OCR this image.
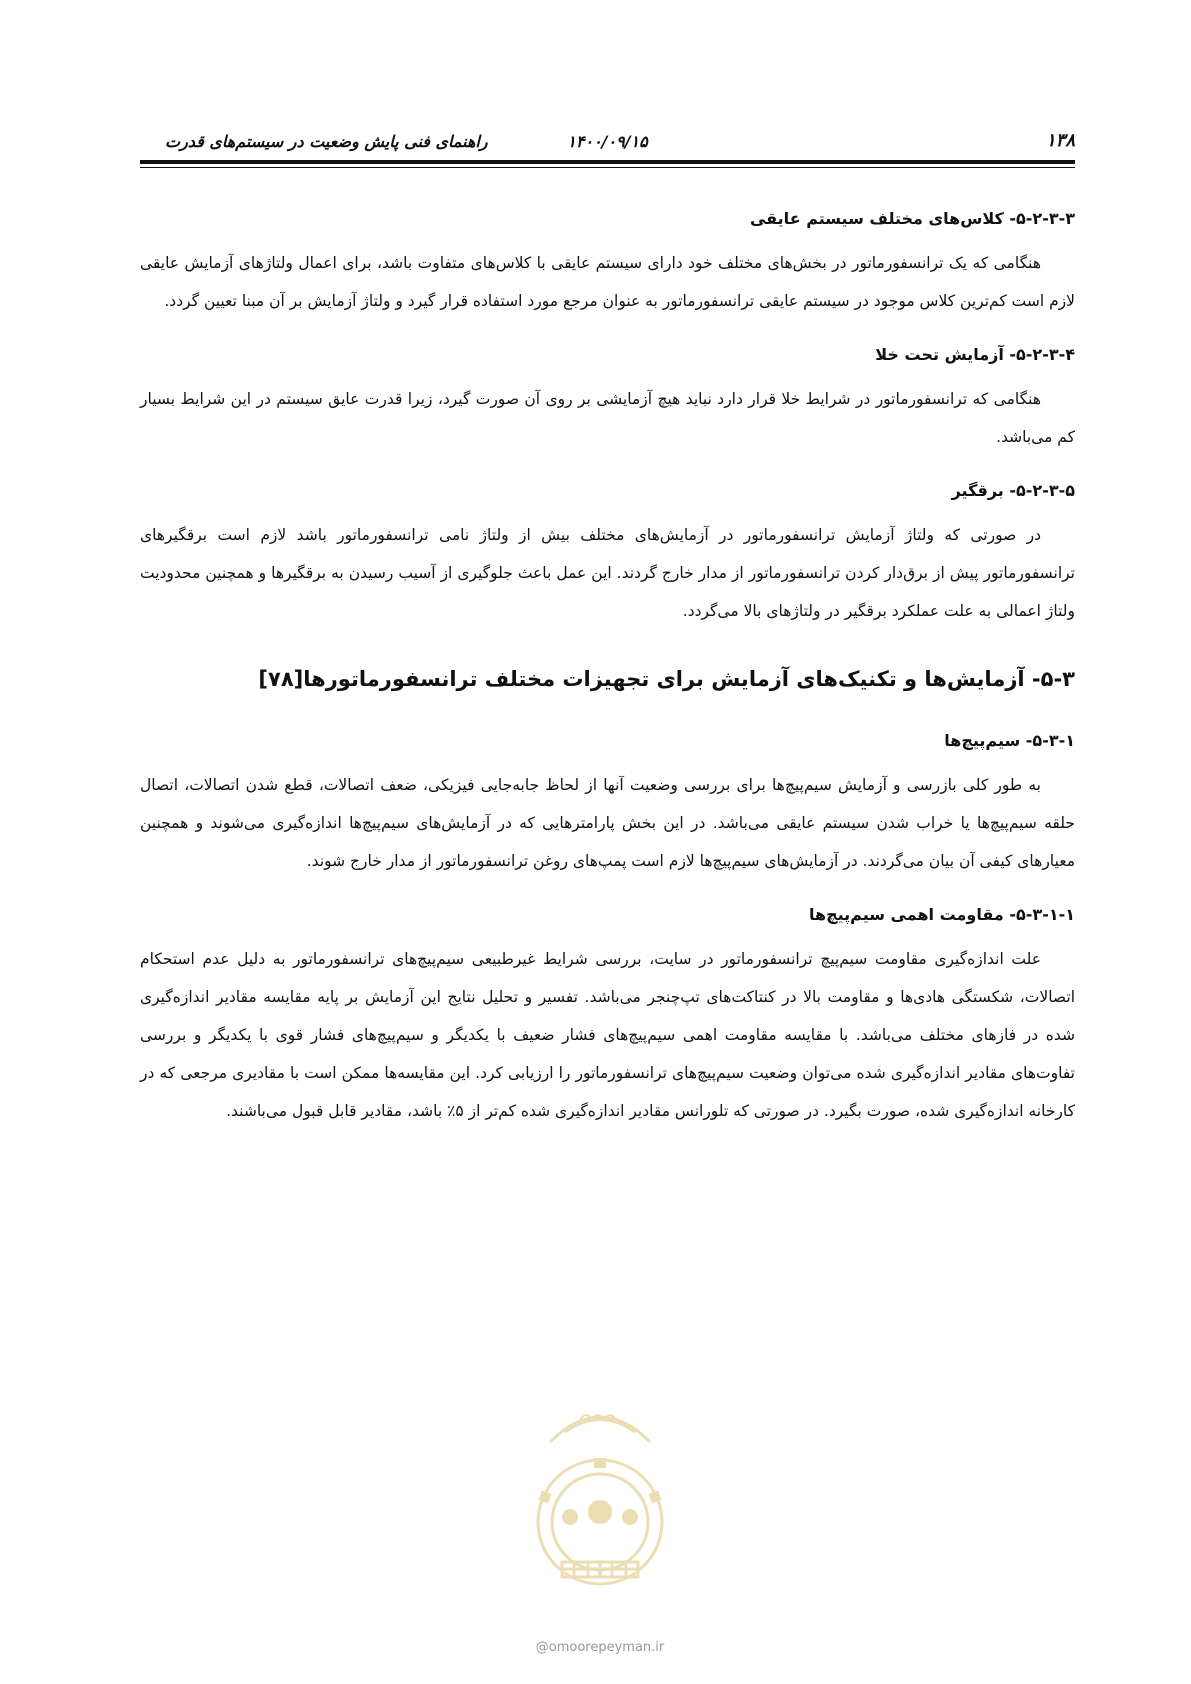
راهنمای فنی پایش وضعیت در سیستم‌های قدرت	۱۴۰۰/۰۹/۱۵	۱۳۸
۵-۲-۳-۳- کلاس‌های مختلف سیستم عایقی

هنگامی که یک ترانسفورماتور در بخش‌های مختلف خود دارای سیستم عایقی با کلاس‌های متفاوت باشد، برای اعمال ولتاژهای آزمایش عایقی لازم است کم‌ترین کلاس موجود در سیستم عایقی ترانسفورماتور به عنوان مرجع مورد استفاده قرار گیرد و ولتاژ آزمایش بر آن مبنا تعیین گردد.

۵-۲-۳-۴- آزمایش تحت خلا

هنگامی که ترانسفورماتور در شرایط خلا قرار دارد نباید هیچ آزمایشی بر روی آن صورت گیرد، زیرا قدرت عایق سیستم در این شرایط بسیار کم می‌باشد.

۵-۲-۳-۵- برقگیر

در صورتی که ولتاژ آزمایش ترانسفورماتور در آزمایش‌های مختلف بیش از ولتاژ نامی ترانسفورماتور باشد لازم است برقگیرهای ترانسفورماتور پیش از برق‌دار کردن ترانسفورماتور از مدار خارج گردند. این عمل باعث جلوگیری از آسیب رسیدن به برقگیرها و همچنین محدودیت ولتاژ اعمالی به علت عملکرد برقگیر در ولتاژهای بالا می‌گردد.

۵-۳- آزمایش‌ها و تکنیک‌های آزمایش برای تجهیزات مختلف ترانسفورماتورها[۷۸]
۵-۳-۱- سیم‌پیچ‌ها

به طور کلی بازرسی و آزمایش سیم‌پیچ‌ها برای بررسی وضعیت آنها از لحاظ جابه‌جایی فیزیکی، ضعف اتصالات، قطع شدن اتصالات، اتصال حلقه سیم‌پیچ‌ها یا خراب شدن سیستم عایقی می‌باشد. در این بخش پارامترهایی که در آزمایش‌های سیم‌پیچ‌ها اندازه‌گیری می‌شوند و همچنین معیارهای کیفی آن بیان می‌گردند. در آزمایش‌های سیم‌پیچ‌ها لازم است پمپ‌های روغن ترانسفورماتور از مدار خارج شوند.

۵-۳-۱-۱- مقاومت اهمی سیم‌پیچ‌ها

علت اندازه‌گیری مقاومت سیم‌پیچ ترانسفورماتور در سایت، بررسی شرایط غیرطبیعی سیم‌پیچ‌های ترانسفورماتور به دلیل عدم استحکام اتصالات، شکستگی هادی‌ها و مقاومت بالا در کنتاکت‌های تپ‌چنجر می‌باشد. تفسیر و تحلیل نتایج این آزمایش بر پایه مقایسه مقادیر اندازه‌گیری شده در فازهای مختلف می‌باشد. با مقایسه مقاومت اهمی سیم‌پیچ‌های فشار ضعیف با یکدیگر و سیم‌پیچ‌های فشار قوی با یکدیگر و بررسی تفاوت‌های مقادیر اندازه‌گیری شده می‌توان وضعیت سیم‌پیچ‌های ترانسفورماتور را ارزیابی کرد. این مقایسه‌ها ممکن است با مقادیری مرجعی که در کارخانه اندازه‌گیری شده، صورت بگیرد. در صورتی که تلورانس مقادیر اندازه‌گیری شده کم‌تر از ۵٪ باشد، مقادیر قابل قبول می‌باشند.

@omoorepeyman.ir
